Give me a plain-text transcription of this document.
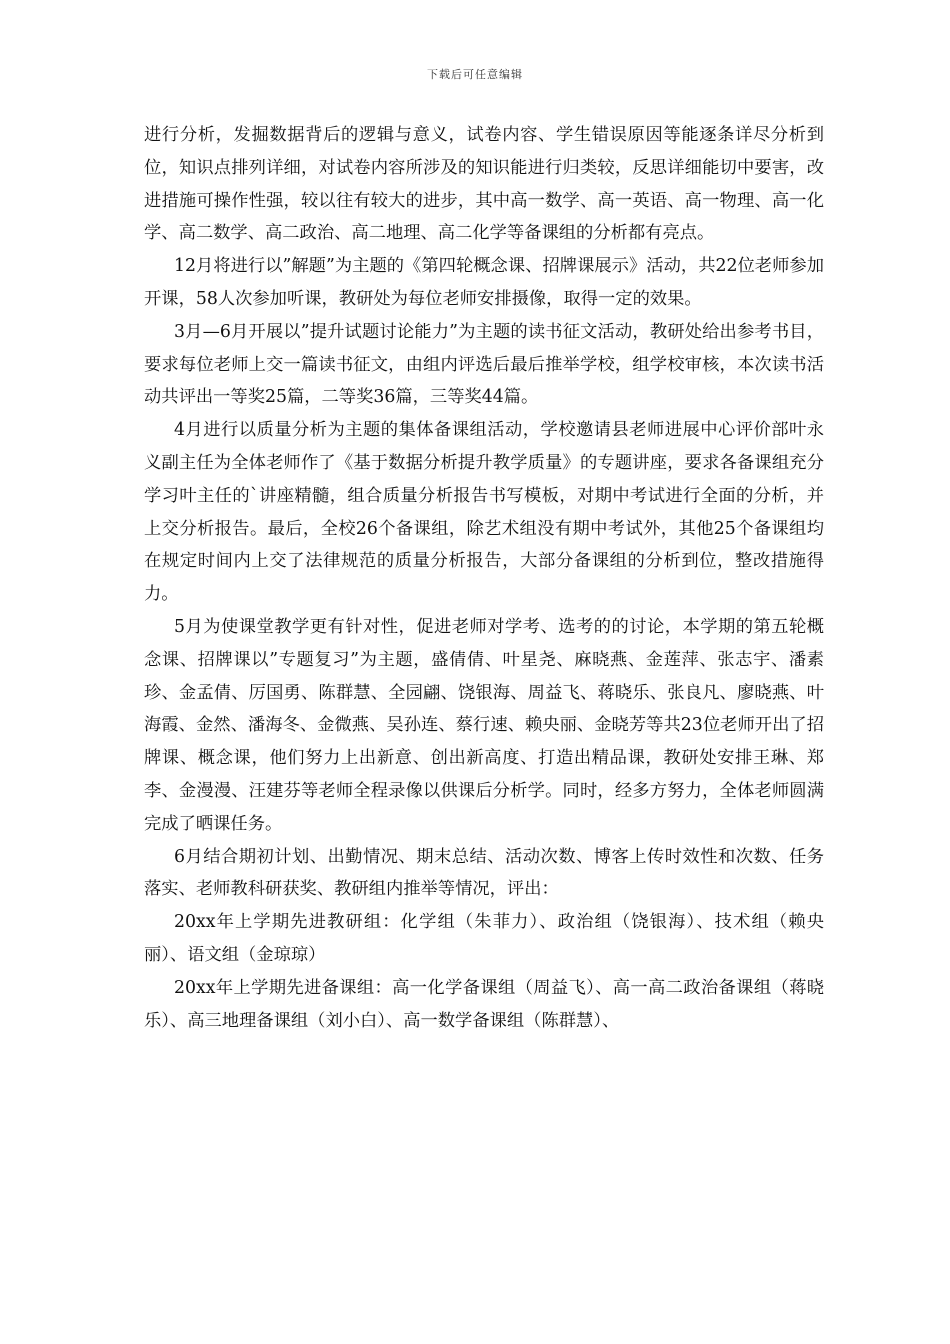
下载后可任意编辑

进行分析，发掘数据背后的逻辑与意义，试卷内容、学生错误原因等能逐条详尽分析到位，知识点排列详细，对试卷内容所涉及的知识能进行归类较，反思详细能切中要害，改进措施可操作性强，较以往有较大的进步，其中高一数学、高一英语、高一物理、高一化学、高二数学、高二政治、高二地理、高二化学等备课组的分析都有亮点。

12月将进行以”解题”为主题的《第四轮概念课、招牌课展示》活动，共22位老师参加开课，58人次参加听课，教研处为每位老师安排摄像，取得一定的效果。

3月—6月开展以”提升试题讨论能力”为主题的读书征文活动，教研处给出参考书目，要求每位老师上交一篇读书征文，由组内评选后最后推举学校，组学校审核，本次读书活动共评出一等奖25篇，二等奖36篇，三等奖44篇。

4月进行以质量分析为主题的集体备课组活动，学校邀请县老师进展中心评价部叶永义副主任为全体老师作了《基于数据分析提升教学质量》的专题讲座，要求各备课组充分学习叶主任的`讲座精髓，组合质量分析报告书写模板，对期中考试进行全面的分析，并上交分析报告。最后，全校26个备课组，除艺术组没有期中考试外，其他25个备课组均在规定时间内上交了法律规范的质量分析报告，大部分备课组的分析到位，整改措施得力。

5月为使课堂教学更有针对性，促进老师对学考、选考的的讨论，本学期的第五轮概念课、招牌课以”专题复习”为主题，盛倩倩、叶星尧、麻晓燕、金莲萍、张志宇、潘素珍、金孟倩、厉国勇、陈群慧、全园翩、饶银海、周益飞、蒋晓乐、张良凡、廖晓燕、叶海霞、金然、潘海冬、金微燕、吴孙连、蔡行速、赖央丽、金晓芳等共23位老师开出了招牌课、概念课，他们努力上出新意、创出新高度、打造出精品课，教研处安排王琳、郑李、金漫漫、汪建芬等老师全程录像以供课后分析学。同时，经多方努力，全体老师圆满完成了晒课任务。

6月结合期初计划、出勤情况、期末总结、活动次数、博客上传时效性和次数、任务落实、老师教科研获奖、教研组内推举等情况，评出：

20xx年上学期先进教研组：化学组（朱菲力）、政治组（饶银海）、技术组（赖央丽）、语文组（金琼琼）

20xx年上学期先进备课组：高一化学备课组（周益飞）、高一高二政治备课组（蒋晓乐）、高三地理备课组（刘小白）、高一数学备课组（陈群慧）、
